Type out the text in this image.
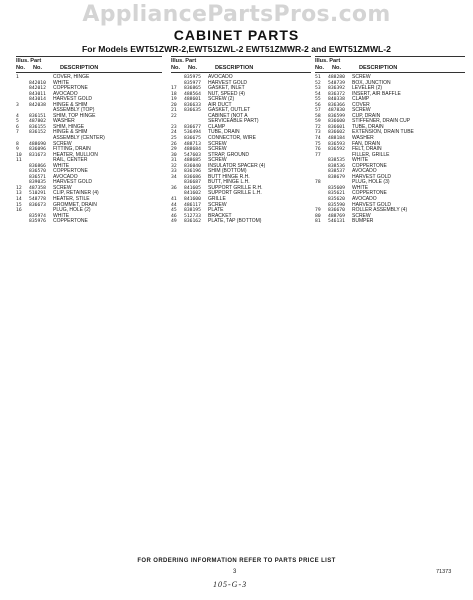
AppliancePartsPros.com
CABINET PARTS
For Models EWT51ZWR-2,EWT51ZWL-2 EWT51ZMWR-2 and EWT51ZMWL-2
Illus. Part
No. No.	DESCRIPTION
1	COVER, HINGE
842010 WHITE
842012 COPPERTONE
843011 AVOCADO
843014 HARVEST GOLD
3 842038 HINGE & SHIM
ASSEMBLY (TOP)
4 836151 SHIM, TOP HINGE
5 487802 WASHER
6 836155 SHIM, HINGE
7 836152 HINGE & SHIM
ASSEMBLY (CENTER)
8 488690 SCREW
9 836096 FITTING, DRAIN
10 831673 HEATER, MULLION
11	RAIL, CENTER
836866 WHITE
836570 COPPERTONE
836571 AVOCADO
839035 HARVEST GOLD
12 487358 SCREW
13 510291 CLIP, RETAINER (4)
14 548778 HEATER, STILE
15 836673 GROMMET, DRAIN
16	PLUG, HOLE (2)
835974 WHITE
835976 COPPERTONE
Illus. Part
No. No.	DESCRIPTION
835975 AVOCADO
835977 HARVEST GOLD
17 836865 GASKET, INLET
18 488564 NUT, SPEED (4)
19 488601 SCREW (2)
20 836633 AIR DUCT
21 836635 GASKET, OUTLET
22	CABINET (NOT A
SERVICEABLE PART)
23 836677 CLAMP
24 536494 TUBE, DRAIN
25 836675 CONNECTOR, WIRE
26 488713 SCREW
29 488684 SCREW
30 547603 STRAP, GROUND
31 488685 SCREW
32 836040 INSULATOR SPACER (4)
33 836196 SHIM (BOTTOM)
34 836686 BUTT HINGE R.H.
836687 BUTT, HINGE L.H.
36 841605 SUPPORT GRILLE R.H.
841602 SUPPORT GRILLE L.H.
41 841600 GRILLE
44 486117 SCREW
45 838195 PLATE
46 512733 BRACKET
49 836162 PLATE, TAP (BOTTOM)
Illus. Part
No. No.	DESCRIPTION
51 488280 SCREW
52 548739 BOX, JUNCTION
53 836392 LEVELER (2)
54 836372 INSERT, AIR BAFFLE
55 840338 CLAMP
56 836366 COVER
57 487830 SCREW
58 836599 CUP, DRAIN
59 836600 STIFFENER, DRAIN CUP
72 836601 TUBE, DRAIN
73 836602 EXTENSION, DRAIN TUBE
74 488184 WASHER
75 836593 FAN, DRAIN
76 836592 FELT, DRAIN
77	FILLER, GRILLE
838535 WHITE
838536 COPPERTONE
838537 AVOCADO
838679 HARVEST GOLD
78	PLUG, HOLE (3)
835609 WHITE
835621 COPPERTONE
835620 AVOCADO
835590 HARVEST GOLD
79 836670 ROLLER ASSEMBLY (4)
80 488769 SCREW
81 546131 BUMPER
FOR ORDERING INFORMATION REFER TO PARTS PRICE LIST
3	71373
105-G-3
